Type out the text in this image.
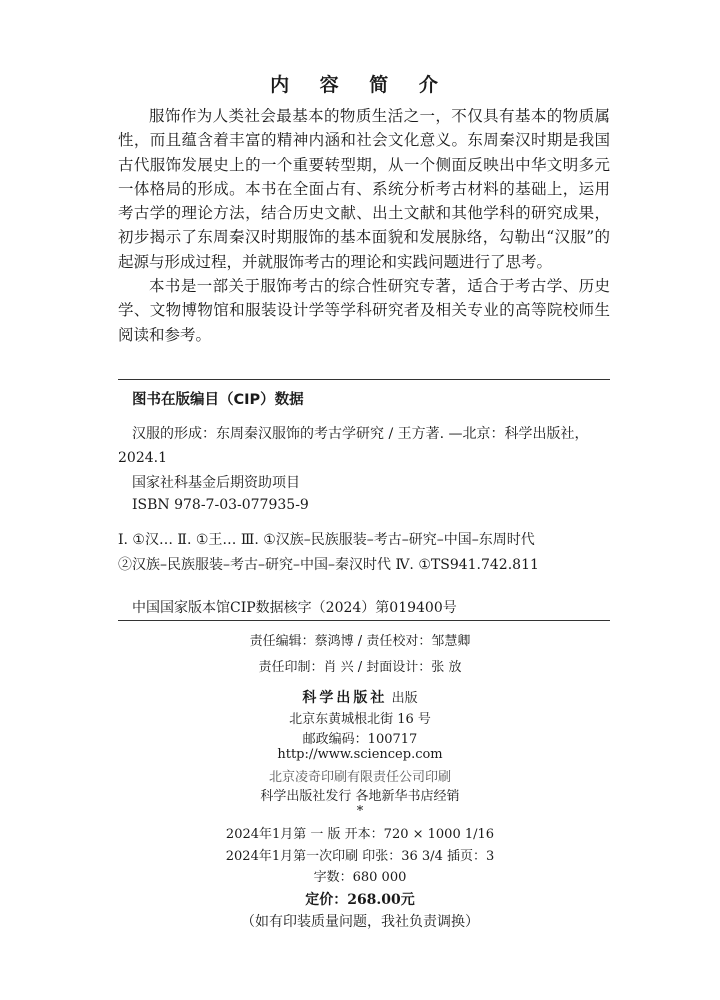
内 容 简 介

服饰作为人类社会最基本的物质生活之一，不仅具有基本的物质属性，而且蕴含着丰富的精神内涵和社会文化意义。东周秦汉时期是我国古代服饰发展史上的一个重要转型期，从一个侧面反映出中华文明多元一体格局的形成。本书在全面占有、系统分析考古材料的基础上，运用考古学的理论方法，结合历史文献、出土文献和其他学科的研究成果，初步揭示了东周秦汉时期服饰的基本面貌和发展脉络，勾勒出“汉服”的起源与形成过程，并就服饰考古的理论和实践问题进行了思考。

本书是一部关于服饰考古的综合性研究专著，适合于考古学、历史学、文物博物馆和服装设计学等学科研究者及相关专业的高等院校师生阅读和参考。

图书在版编目（CIP）数据

汉服的形成：东周秦汉服饰的考古学研究 / 王方著. —北京：科学出版社，2024.1

国家社科基金后期资助项目
ISBN 978-7-03-077935-9

Ⅰ. ①汉… Ⅱ. ①王… Ⅲ. ①汉族–民族服装–考古–研究–中国–东周时代

②汉族–民族服装–考古–研究–中国–秦汉时代 Ⅳ. ①TS941.742.811

中国国家版本馆CIP数据核字（2024）第019400号
责任编辑：蔡鸿博 / 责任校对：邹慧卿
责任印制：肖 兴 / 封面设计：张 放
科学出版社 出版
北京东黄城根北街 16 号
邮政编码：100717
http://www.sciencep.com
北京凌奇印刷有限责任公司印刷
科学出版社发行 各地新华书店经销
*
2024年1月第 一 版 开本：720 × 1000 1/16
2024年1月第一次印刷 印张：36 3/4 插页：3
字数：680 000
定价：268.00元
（如有印装质量问题，我社负责调换）
